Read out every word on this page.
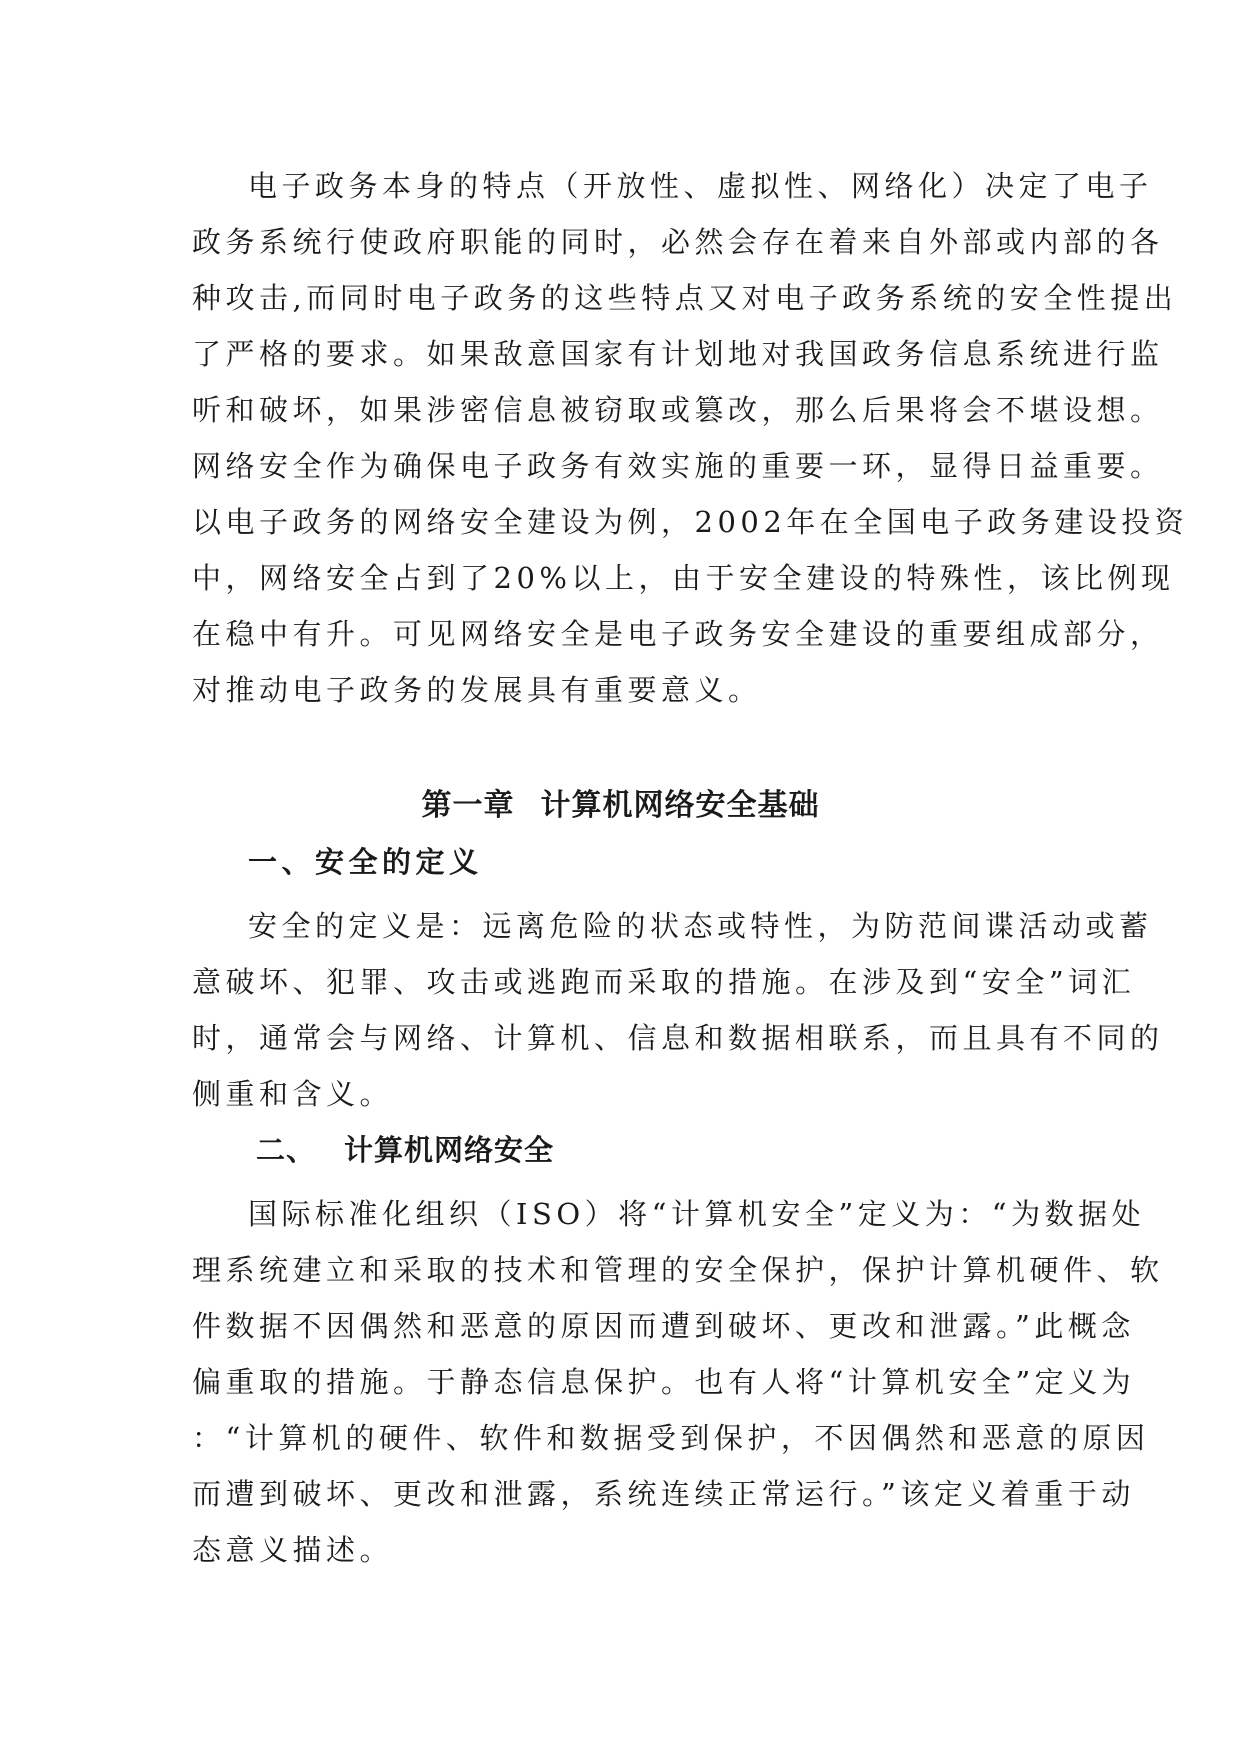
电子政务本身的特点（开放性、虚拟性、网络化）决定了电子

政务系统行使政府职能的同时，必然会存在着来自外部或内部的各

种攻击,而同时电子政务的这些特点又对电子政务系统的安全性提出

了严格的要求。如果敌意国家有计划地对我国政务信息系统进行监

听和破坏，如果涉密信息被窃取或篡改，那么后果将会不堪设想。

网络安全作为确保电子政务有效实施的重要一环，显得日益重要。

以电子政务的网络安全建设为例，2002年在全国电子政务建设投资

中，网络安全占到了20%以上，由于安全建设的特殊性，该比例现

在稳中有升。可见网络安全是电子政务安全建设的重要组成部分，

对推动电子政务的发展具有重要意义。

第一章 计算机网络安全基础
一、安全的定义

安全的定义是：远离危险的状态或特性，为防范间谍活动或蓄

意破坏、犯罪、攻击或逃跑而采取的措施。在涉及到“安全”词汇

时，通常会与网络、计算机、信息和数据相联系，而且具有不同的

侧重和含义。

二、 计算机网络安全

国际标准化组织（ISO）将“计算机安全”定义为：“为数据处

理系统建立和采取的技术和管理的安全保护，保护计算机硬件、软

件数据不因偶然和恶意的原因而遭到破坏、更改和泄露。”此概念

偏重取的措施。于静态信息保护。也有人将“计算机安全”定义为

：“计算机的硬件、软件和数据受到保护，不因偶然和恶意的原因

而遭到破坏、更改和泄露，系统连续正常运行。”该定义着重于动

态意义描述。
